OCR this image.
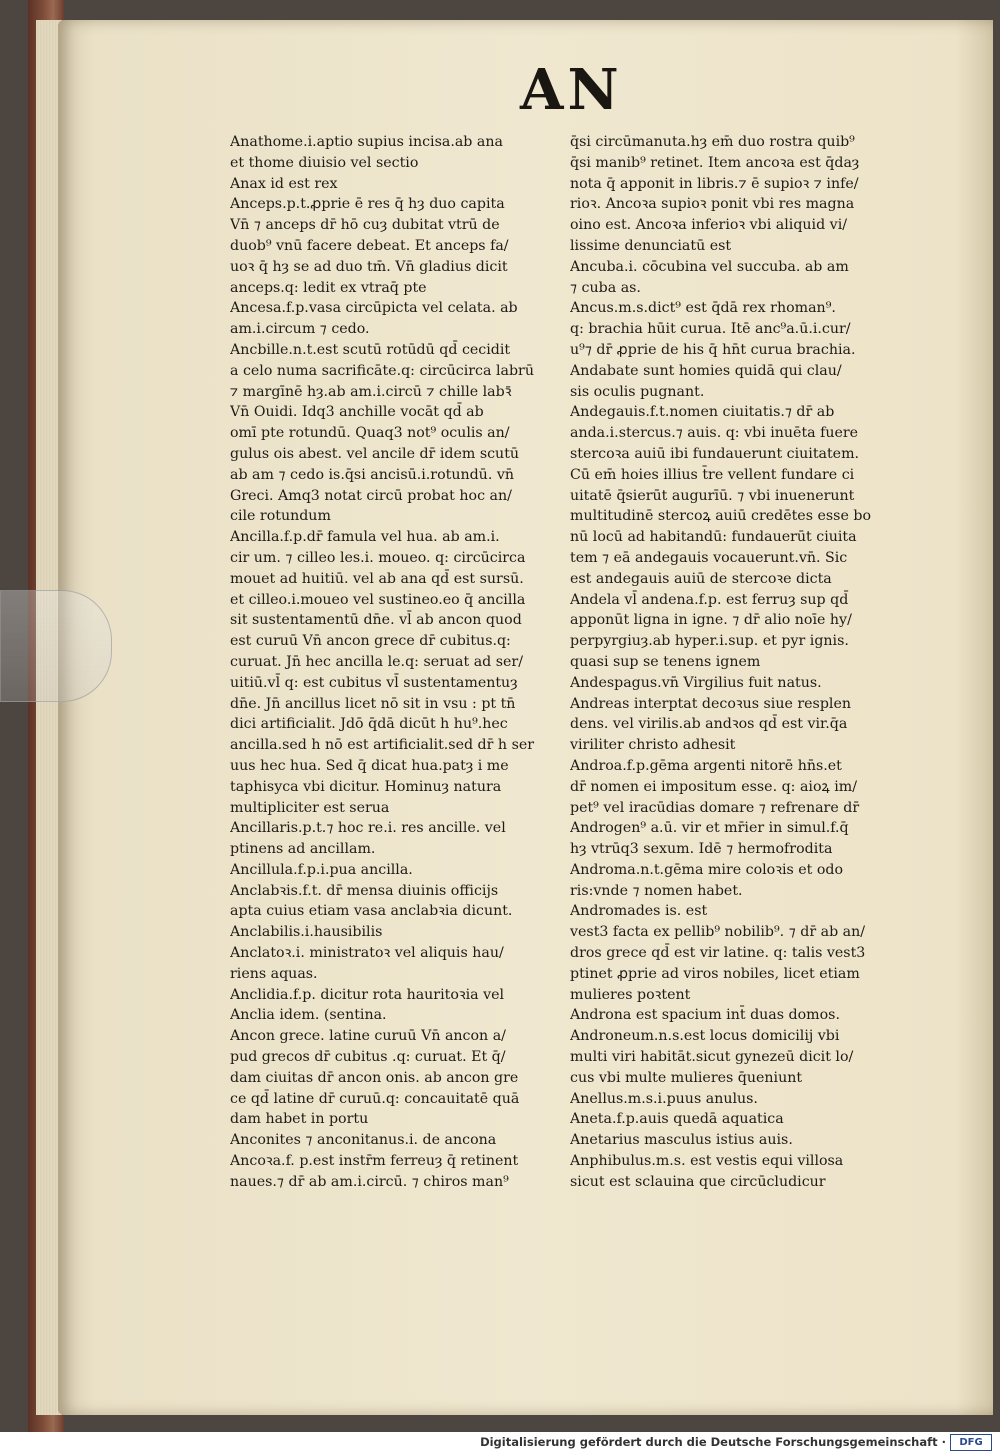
AN
Anathome.i.aptio supius incisa.ab ana
et thome diuisio vel sectio
Anax id est rex
Anceps.p.t.ꝓprie ē res q̄ hȝ duo capita
Vn̄ ⁊ anceps dr̄ hō cuȝ dubitat vtrū de
duob⁹ vnū facere debeat. Et anceps fa/
uoꝛ q̄ hȝ se ad duo tm̄. Vn̄ gladius dicit
anceps.q: ledit ex vtraq̄ pte
Ancesa.f.p.vasa circūpicta vel celata. ab
am.i.circum ⁊ cedo.
Ancbille.n.t.est scutū rotūdū qd̄ cecidit
a celo numa sacrificāte.q: circūcirca labrū
⁊ margīnē hȝ.ab am.i.circū ⁊ chille labꝛ̄
Vn̄ Ouidi. Idq3 anchille vocāt qd̄ ab
omī pte rotundū. Quaq3 not⁹ oculis an/
gulus ois abest. vel ancile dr̄ idem scutū
ab am ⁊ cedo is.q̄si ancisū.i.rotundū. vn̄
Greci. Amq3 notat circū probat hoc an/
cile rotundum
Ancilla.f.p.dr̄ famula vel hua. ab am.i.
cir um. ⁊ cilleo les.i. moueo. q: circūcirca
mouet ad huitiū. vel ab ana qd̄ est sursū.
et cilleo.i.moueo vel sustineo.eo q̄ ancilla
sit sustentamentū dn̄e. vl̄ ab ancon quod
est curuū Vn̄ ancon grece dr̄ cubitus.q:
curuat. Jn̄ hec ancilla le.q: seruat ad ser/
uitiū.vl̄ q: est cubitus vl̄ sustentamentuȝ
dn̄e. Jn̄ ancillus licet nō sit in vsu : pt tn̄
dici artificialit. Jdō q̄dā dicūt h hu⁹.hec
ancilla.sed h nō est artificialit.sed dr̄ h ser
uus hec hua. Sed q̄ dicat hua.patȝ i me
taphisyca vbi dicitur. Hominuȝ natura
multipliciter est serua
Ancillaris.p.t.⁊ hoc re.i. res ancille. vel
ptinens ad ancillam.
Ancillula.f.p.i.pua ancilla.
Anclabꝛis.f.t. dr̄ mensa diuinis officijs
apta cuius etiam vasa anclabꝛia dicunt.
Anclabilis.i.hausibilis
Anclatoꝛ.i. ministratoꝛ vel aliquis hau/
riens aquas.
Anclidia.f.p. dicitur rota hauritoꝛia vel
Anclia idem. (sentina.
Ancon grece. latine curuū Vn̄ ancon a/
pud grecos dr̄ cubitus .q: curuat. Et q̄/
dam ciuitas dr̄ ancon onis. ab ancon gre
ce qd̄ latine dr̄ curuū.q: concauitatē quā
dam habet in portu
Anconites ⁊ anconitanus.i. de ancona
Ancoꝛa.f. p.est instr̄m ferreuȝ q̄ retinent
naues.⁊ dr̄ ab am.i.circū. ⁊ chiros man⁹
q̄si circūmanuta.hȝ em̄ duo rostra quib⁹
q̄si manib⁹ retinet. Item ancoꝛa est q̄daȝ
nota q̄ apponit in libris.⁊ ē supioꝛ ⁊ infe/
rioꝛ. Ancoꝛa supioꝛ ponit vbi res magna
oino est. Ancoꝛa inferioꝛ vbi aliquid vi/
lissime denunciatū est
Ancuba.i. cōcubina vel succuba. ab am
⁊ cuba as.
Ancus.m.s.dict⁹ est q̄dā rex rhoman⁹.
q: brachia hūit curua. Itē anc⁹a.ū.i.cur/
u⁹⁊ dr̄ ꝓprie de his q̄ hn̄t curua brachia.
Andabate sunt homies quidā qui clau/
sis oculis pugnant.
Andegauis.f.t.nomen ciuitatis.⁊ dr̄ ab
anda.i.stercus.⁊ auis. q: vbi inuēta fuere
stercoꝛa auiū ibi fundauerunt ciuitatem.
Cū em̄ hoies illius t̄re vellent fundare ci
uitatē q̄sierūt augurīū. ⁊ vbi inuenerunt
multitudinē stercoꝝ auiū credētes esse bo
nū locū ad habitandū: fundauerūt ciuita
tem ⁊ eā andegauis vocauerunt.vn̄. Sic
est andegauis auiū de stercoꝛe dicta
Andela vl̄ andena.f.p. est ferruȝ sup qd̄
apponūt ligna in igne. ⁊ dr̄ alio noīe hy/
perpyrgiuȝ.ab hyper.i.sup. et pyr ignis.
quasi sup se tenens ignem
Andespagus.vn̄ Virgilius fuit natus.
Andreas interptat decoꝛus siue resplen
dens. vel virilis.ab andꝛos qd̄ est vir.q̄a
viriliter christo adhesit
Androa.f.p.gēma argenti nitorē hn̄s.et
dr̄ nomen ei impositum esse. q: aioꝝ im/
pet⁹ vel iracūdias domare ⁊ refrenare dr̄
Androgen⁹ a.ū. vir et mr̄ier in simul.f.q̄
hȝ vtrūq3 sexum. Idē ⁊ hermofrodita
Androma.n.t.gēma mire coloꝛis et odo
ris:vnde ⁊ nomen habet.
Andromades is. est
vest3 facta ex pellib⁹ nobilib⁹. ⁊ dr̄ ab an/
dros grece qd̄ est vir latine. q: talis vest3
ptinet ꝓprie ad viros nobiles, licet etiam
mulieres poꝛtent
Androna est spacium int̄ duas domos.
Androneum.n.s.est locus domicilij vbi
multi viri habitāt.sicut gynezeū dicit lo/
cus vbi multe mulieres q̄ueniunt
Anellus.m.s.i.puus anulus.
Aneta.f.p.auis quedā aquatica
Anetarius masculus istius auis.
Anphibulus.m.s. est vestis equi villosa
sicut est sclauina que circūcludicur
Digitalisierung gefördert durch die Deutsche Forschungsgemeinschaft ·	DFG
